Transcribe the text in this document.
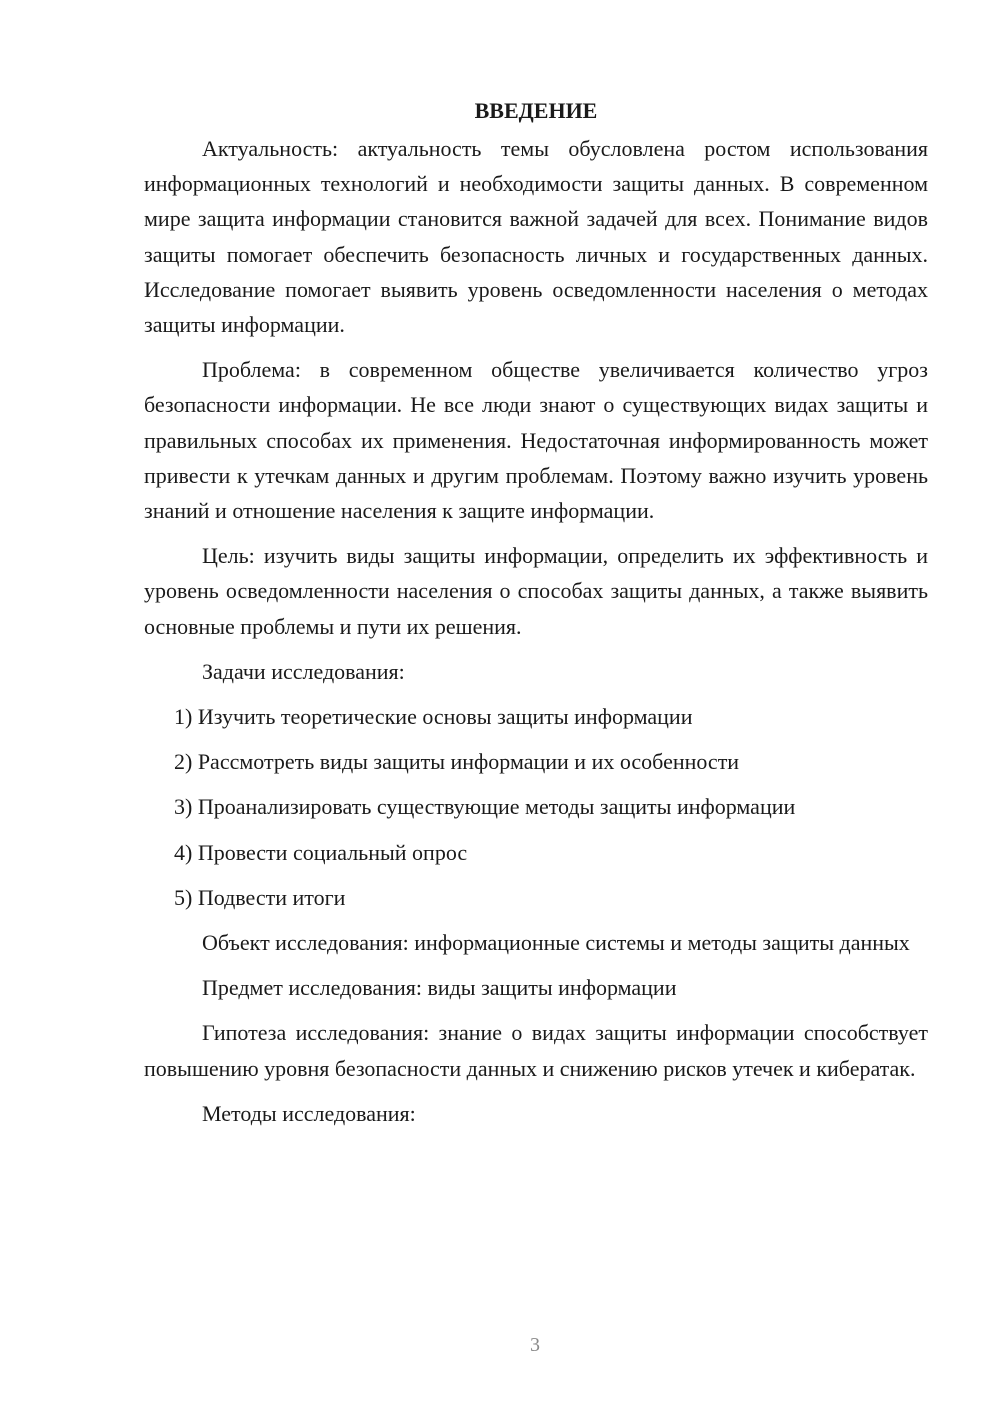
ВВЕДЕНИЕ

Актуальность: актуальность темы обусловлена ростом использования информационных технологий и необходимости защиты данных. В современном мире защита информации становится важной задачей для всех. Понимание видов защиты помогает обеспечить безопасность личных и государственных данных. Исследование помогает выявить уровень осведомленности населения о методах защиты информации.

Проблема: в современном обществе увеличивается количество угроз безопасности информации. Не все люди знают о существующих видах защиты и правильных способах их применения. Недостаточная информированность может привести к утечкам данных и другим проблемам. Поэтому важно изучить уровень знаний и отношение населения к защите информации.

Цель: изучить виды защиты информации, определить их эффективность и уровень осведомленности населения о способах защиты данных, а также выявить основные проблемы и пути их решения.

Задачи исследования:

1) Изучить теоретические основы защиты информации
2) Рассмотреть виды защиты информации и их особенности
3) Проанализировать существующие методы защиты информации
4) Провести социальный опрос
5) Подвести итоги

Объект исследования: информационные системы и методы защиты данных

Предмет исследования: виды защиты информации

Гипотеза исследования: знание о видах защиты информации способствует повышению уровня безопасности данных и снижению рисков утечек и кибератак.

Методы исследования:

3
